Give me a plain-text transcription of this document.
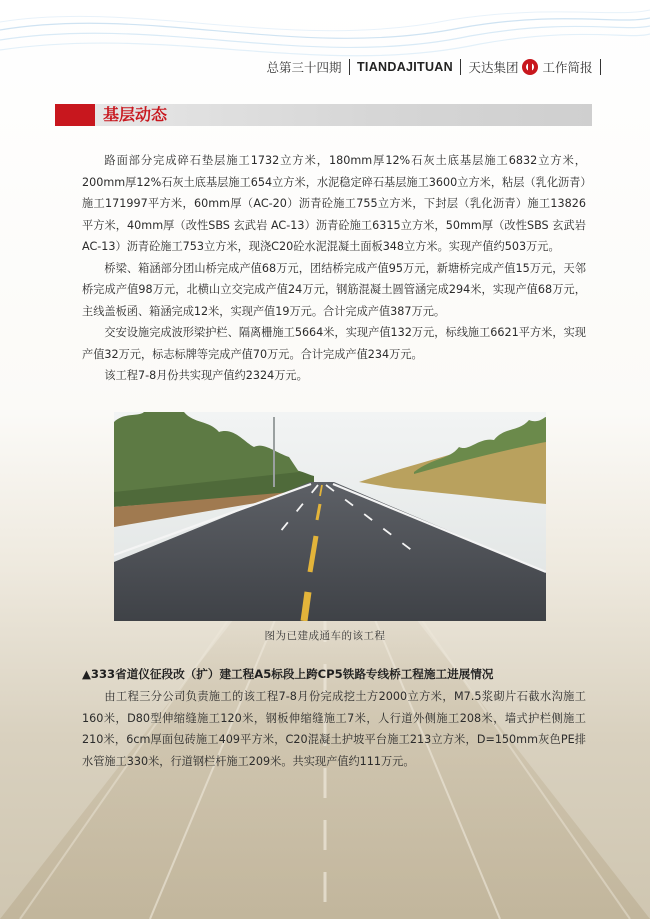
总第三十四期 TIANDAJITUAN 天达集团 工作简报
基层动态

路面部分完成碎石垫层施工1732立方米，180mm厚12%石灰土底基层施工6832立方米，200mm厚12%石灰土底基层施工654立方米，水泥稳定碎石基层施工3600立方米，粘层（乳化沥青）施工171997平方米，60mm厚（AC-20）沥青砼施工755立方米，下封层（乳化沥青）施工13826平方米，40mm厚（改性SBS 玄武岩 AC-13）沥青砼施工6315立方米，50mm厚（改性SBS 玄武岩 AC-13）沥青砼施工753立方米，现浇C20砼水泥混凝土面板348立方米。实现产值约503万元。

桥梁、箱涵部分团山桥完成产值68万元，团结桥完成产值95万元，新塘桥完成产值15万元，天邻桥完成产值98万元，北横山立交完成产值24万元，钢筋混凝土圆管涵完成294米，实现产值68万元，主线盖板函、箱涵完成12米，实现产值19万元。合计完成产值387万元。

交安设施完成波形梁护栏、隔离栅施工5664米，实现产值132万元，标线施工6621平方米，实现产值32万元，标志标牌等完成产值70万元。合计完成产值234万元。

该工程7-8月份共实现产值约2324万元。

图为已建成通车的该工程
▲333省道仪征段改（扩）建工程A5标段上跨CP5铁路专线桥工程施工进展情况

由工程三分公司负责施工的该工程7-8月份完成挖土方2000立方米，M7.5浆砌片石截水沟施工160米，D80型伸缩缝施工120米，钢板伸缩缝施工7米，人行道外侧施工208米，墙式护栏侧施工210米，6cm厚面包砖施工409平方米，C20混凝土护坡平台施工213立方米，D=150mm灰色PE排水管施工330米，行道钢栏杆施工209米。共实现产值约111万元。
